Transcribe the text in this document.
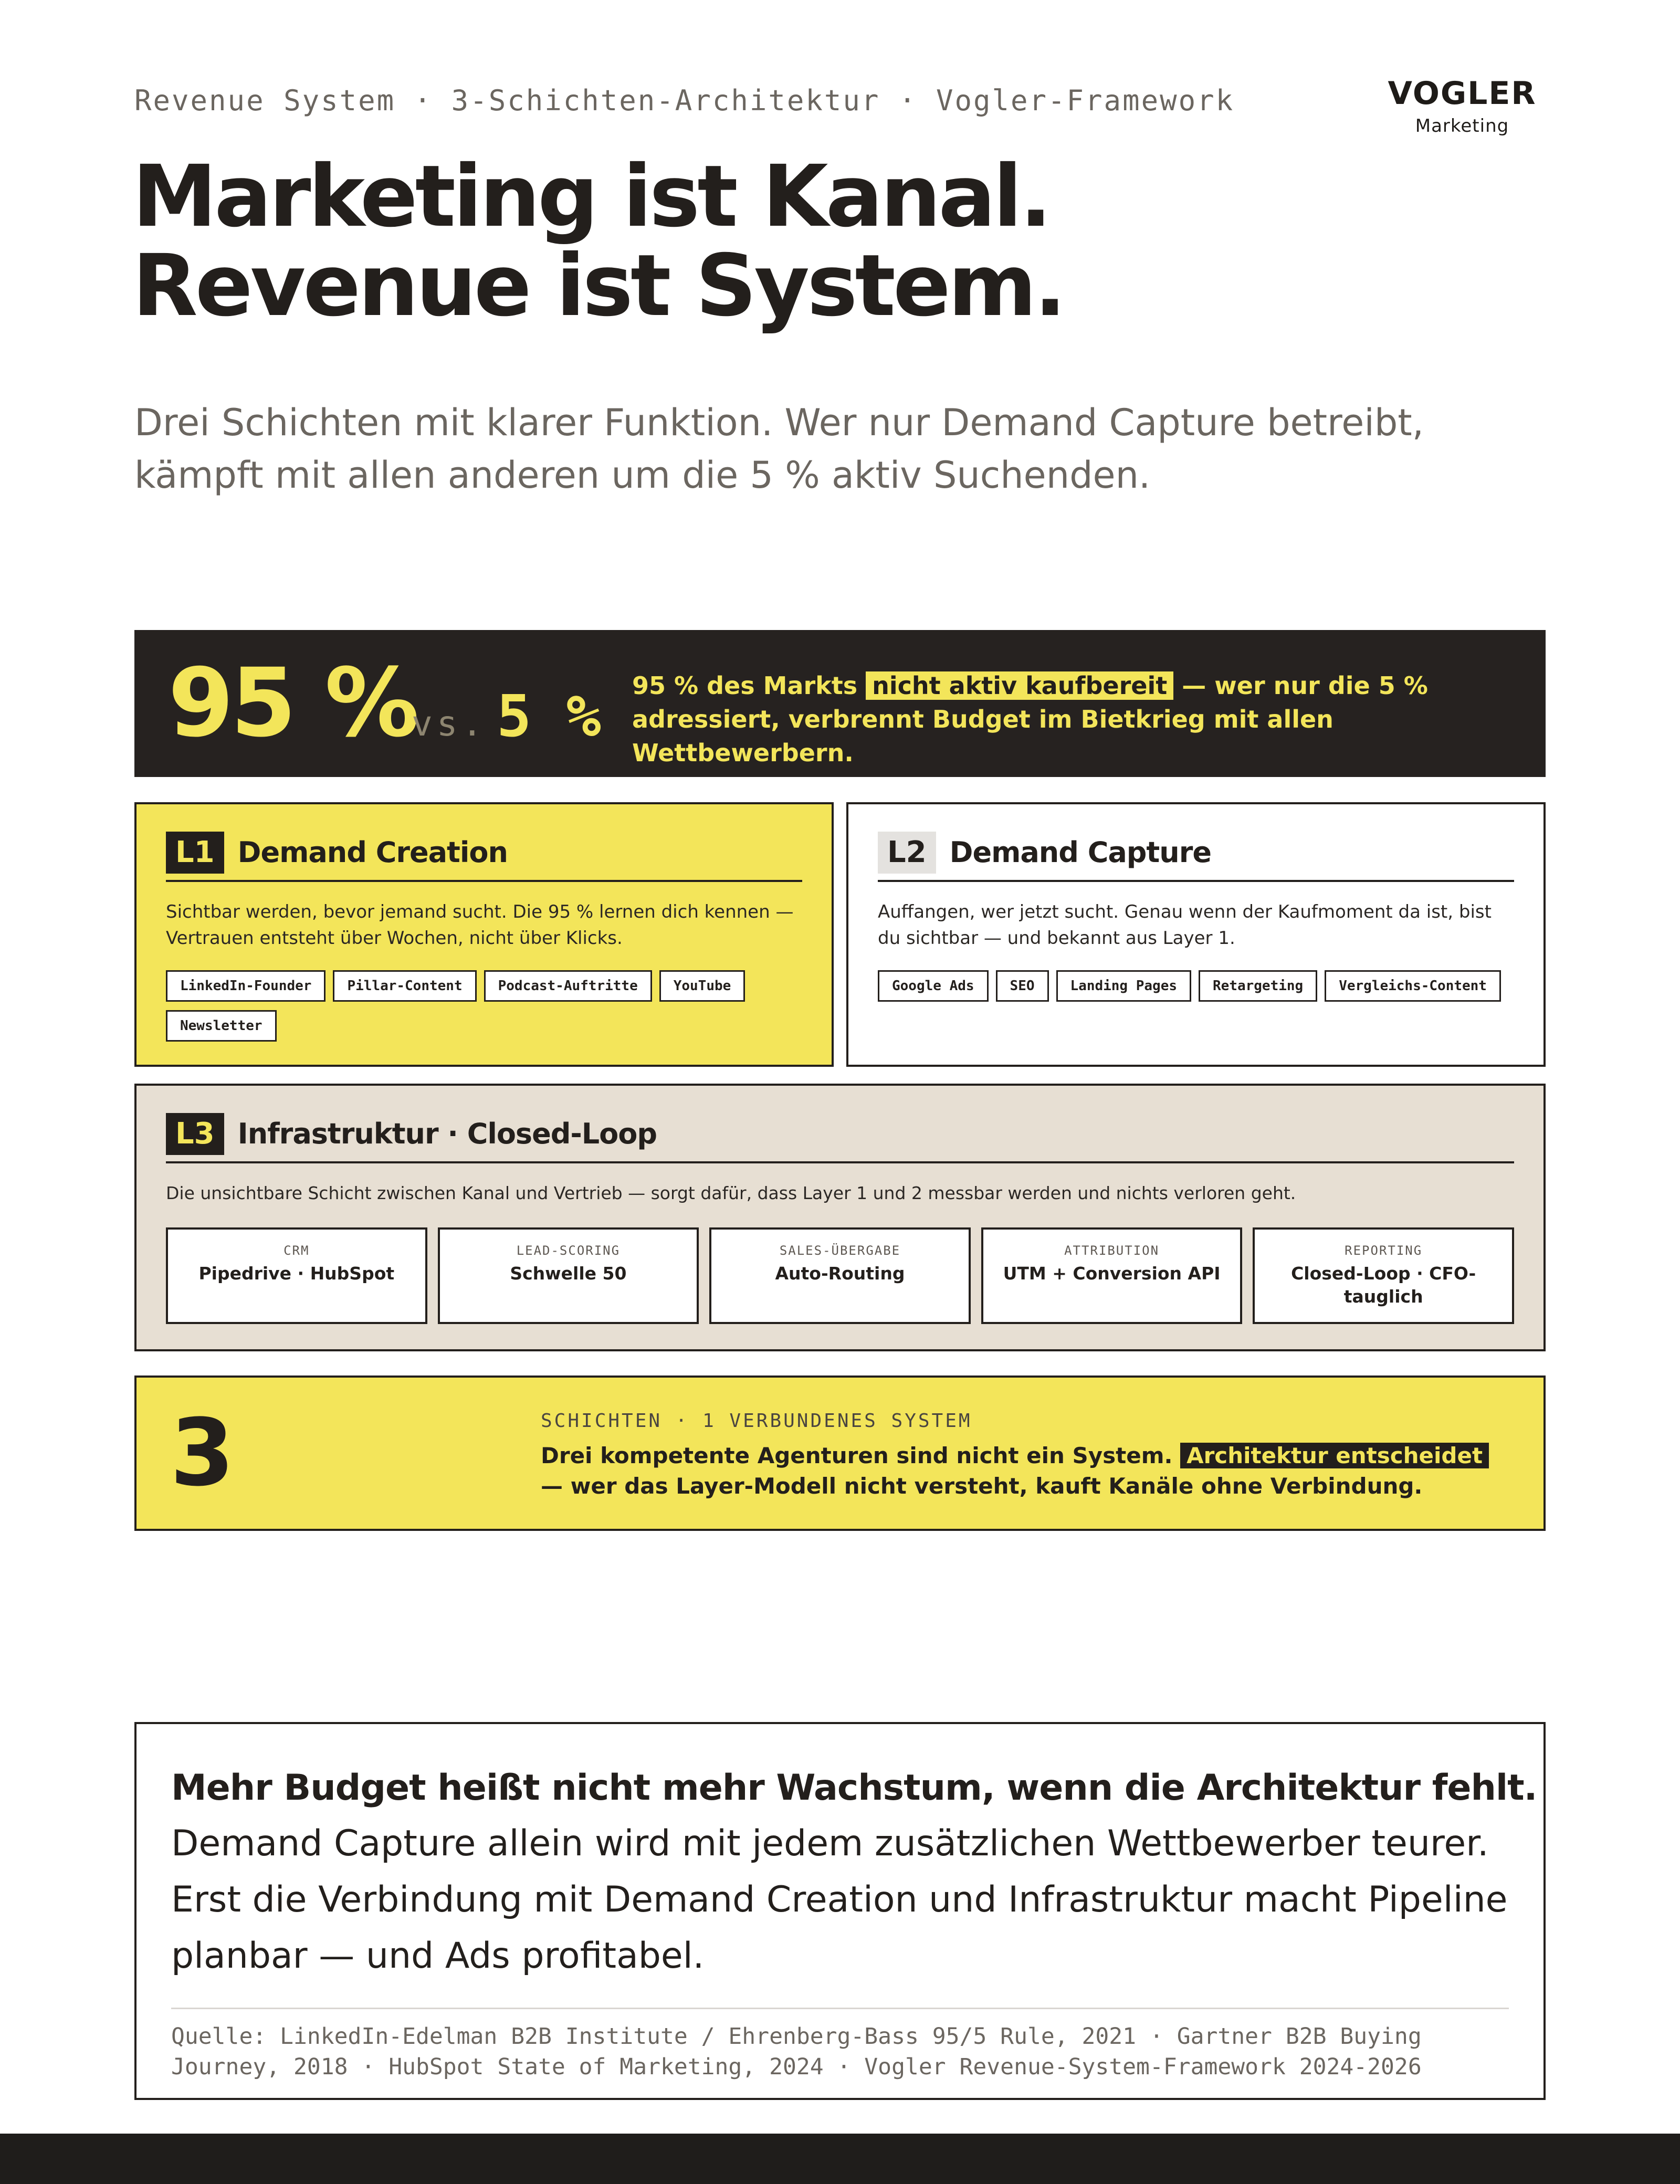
Revenue System · 3-Schichten-Architektur · Vogler-Framework	VOGLER
Marketing
Marketing ist Kanal.
Revenue ist System.
Drei Schichten mit klarer Funktion. Wer nur Demand Capture betreibt, kämpft mit allen anderen um die 5 % aktiv Suchenden.
95 %
vs. 5 % 95 % des Markts nicht aktiv kaufbereit — wer nur die 5 % adressiert, verbrennt Budget im Bietkrieg mit allen Wettbewerbern.
L1 Demand Creation
Sichtbar werden, bevor jemand sucht. Die 95 % lernen dich kennen — Vertrauen entsteht über Wochen, nicht über Klicks.
LinkedIn-Founder	Pillar-Content	Podcast-Auftritte	YouTube
Newsletter
L2 Demand Capture
Auffangen, wer jetzt sucht. Genau wenn der Kaufmoment da ist, bist du sichtbar — und bekannt aus Layer 1.
Google Ads	SEO	Landing Pages	Retargeting	Vergleichs-Content
L3 Infrastruktur · Closed-Loop
Die unsichtbare Schicht zwischen Kanal und Vertrieb — sorgt dafür, dass Layer 1 und 2 messbar werden und nichts verloren geht.
CRM
Pipedrive · HubSpot
LEAD-SCORING
Schwelle 50
SALES-ÜBERGABE
Auto-Routing
ATTRIBUTION
UTM + Conversion API
REPORTING
Closed-Loop · CFO-tauglich
3	SCHICHTEN · 1 VERBUNDENES SYSTEM
Drei kompetente Agenturen sind nicht ein System. Architektur entscheidet — wer das Layer-Modell nicht versteht, kauft Kanäle ohne Verbindung.
Mehr Budget heißt nicht mehr Wachstum, wenn die Architektur fehlt.
Demand Capture allein wird mit jedem zusätzlichen Wettbewerber teurer. Erst die Verbindung mit Demand Creation und Infrastruktur macht Pipeline planbar — und Ads profitabel.
Quelle: LinkedIn-Edelman B2B Institute / Ehrenberg-Bass 95/5 Rule, 2021 · Gartner B2B Buying Journey, 2018 · HubSpot State of Marketing, 2024 · Vogler Revenue-System-Framework 2024-2026
